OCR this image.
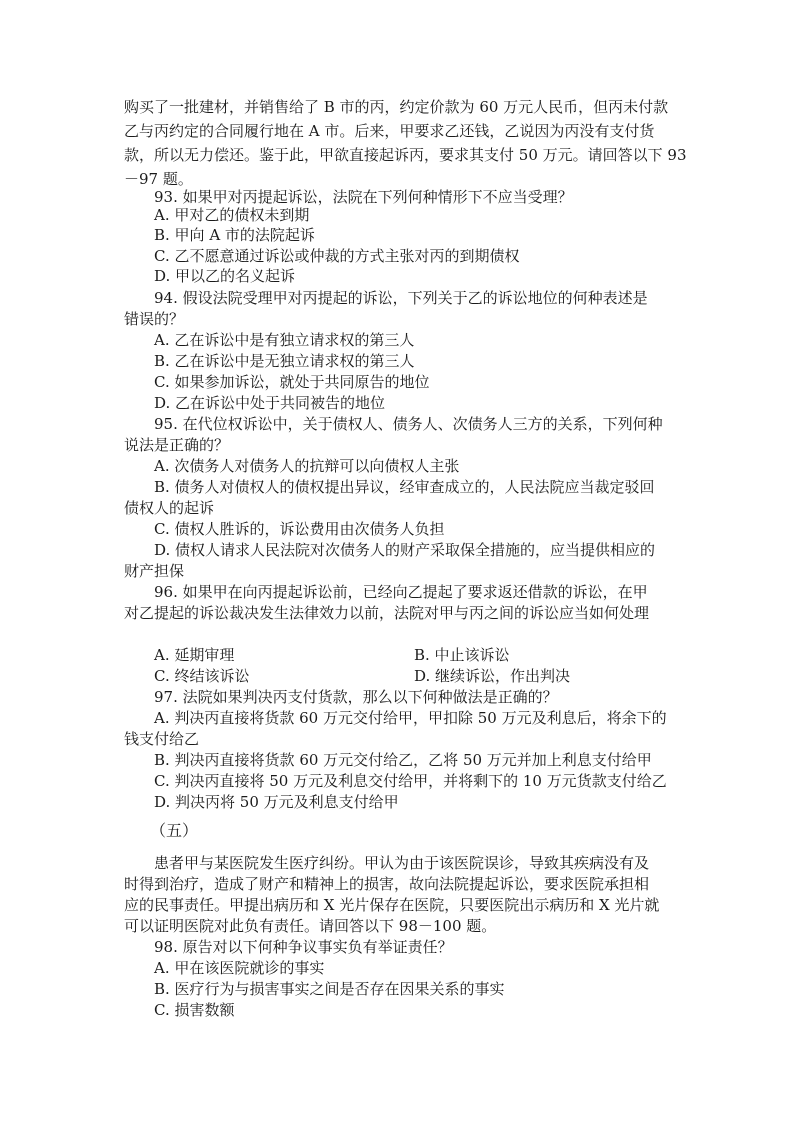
购买了一批建材，并销售给了 B 市的丙，约定价款为 60 万元人民币，但丙未付款

乙与丙约定的合同履行地在 A 市。后来，甲要求乙还钱，乙说因为丙没有支付货

款，所以无力偿还。鉴于此，甲欲直接起诉丙，要求其支付 50 万元。请回答以下 93

－97 题。

93. 如果甲对丙提起诉讼，法院在下列何种情形下不应当受理？

A. 甲对乙的债权未到期

B. 甲向 A 市的法院起诉

C. 乙不愿意通过诉讼或仲裁的方式主张对丙的到期债权

D. 甲以乙的名义起诉

94. 假设法院受理甲对丙提起的诉讼，下列关于乙的诉讼地位的何种表述是

错误的？

A. 乙在诉讼中是有独立请求权的第三人

B. 乙在诉讼中是无独立请求权的第三人

C. 如果参加诉讼，就处于共同原告的地位

D. 乙在诉讼中处于共同被告的地位

95. 在代位权诉讼中，关于债权人、债务人、次债务人三方的关系，下列何种

说法是正确的？

A. 次债务人对债务人的抗辩可以向债权人主张

B. 债务人对债权人的债权提出异议，经审查成立的，人民法院应当裁定驳回

债权人的起诉

C. 债权人胜诉的，诉讼费用由次债务人负担

D. 债权人请求人民法院对次债务人的财产采取保全措施的，应当提供相应的

财产担保

96. 如果甲在向丙提起诉讼前，已经向乙提起了要求返还借款的诉讼，在甲

对乙提起的诉讼裁决发生法律效力以前，法院对甲与丙之间的诉讼应当如何处理

A. 延期审理	B. 中止该诉讼

C. 终结该诉讼	D. 继续诉讼，作出判决

97. 法院如果判决丙支付货款，那么以下何种做法是正确的？

A. 判决丙直接将货款 60 万元交付给甲，甲扣除 50 万元及利息后，将余下的

钱支付给乙

B. 判决丙直接将货款 60 万元交付给乙，乙将 50 万元并加上利息支付给甲

C. 判决丙直接将 50 万元及利息交付给甲，并将剩下的 10 万元货款支付给乙

D. 判决丙将 50 万元及利息支付给甲

（五）

患者甲与某医院发生医疗纠纷。甲认为由于该医院误诊，导致其疾病没有及

时得到治疗，造成了财产和精神上的损害，故向法院提起诉讼，要求医院承担相

应的民事责任。甲提出病历和 X 光片保存在医院，只要医院出示病历和 X 光片就

可以证明医院对此负有责任。请回答以下 98－100 题。

98. 原告对以下何种争议事实负有举证责任？

A. 甲在该医院就诊的事实

B. 医疗行为与损害事实之间是否存在因果关系的事实

C. 损害数额
